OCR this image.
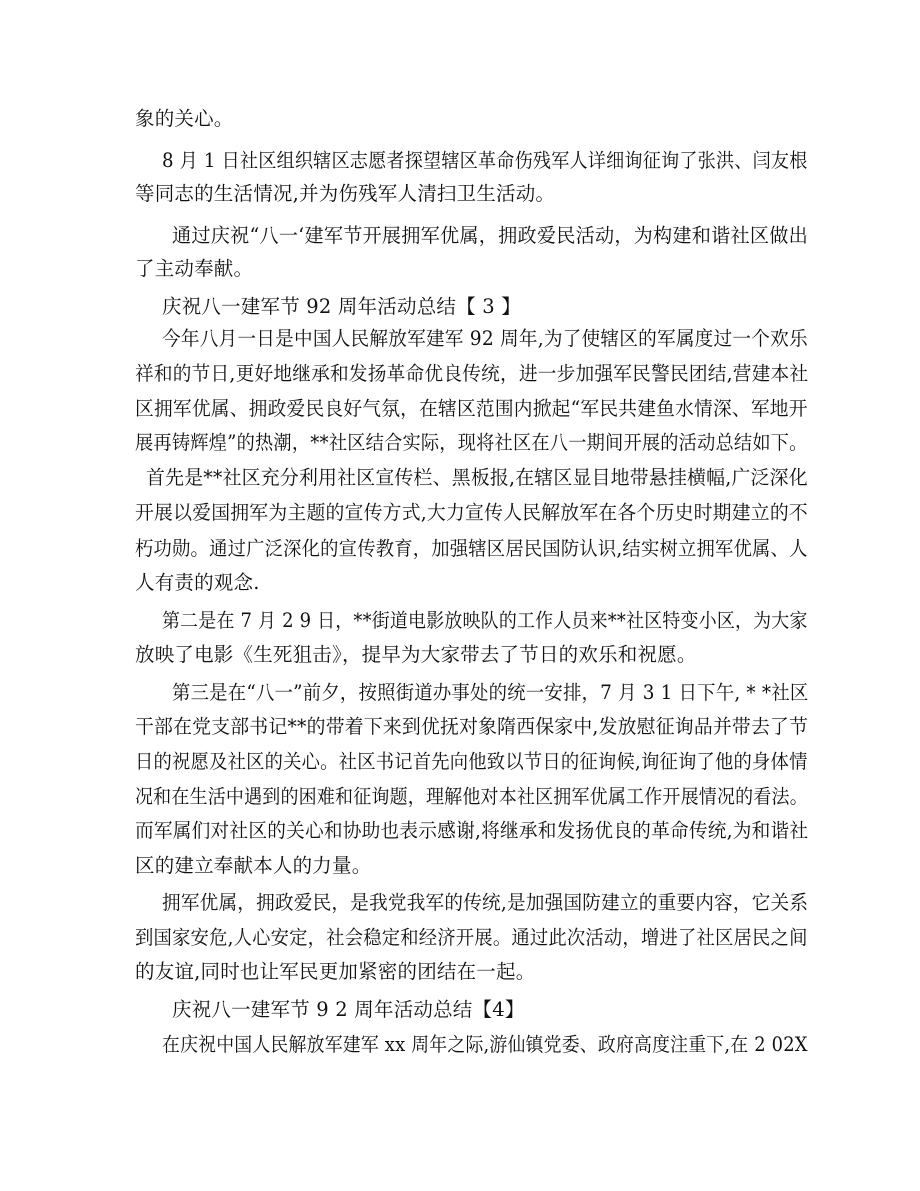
象的关心。
8 月 1 日社区组织辖区志愿者探望辖区革命伤残军人详细询征询了张洪、闫友根
等同志的生活情况,并为伤残军人清扫卫生活动。
通过庆祝“八一‘建军节开展拥军优属，拥政爱民活动，为构建和谐社区做出
了主动奉献。
庆祝八一建军节 92 周年活动总结【 3 】
今年八月一日是中国人民解放军建军 92 周年,为了使辖区的军属度过一个欢乐
祥和的节日,更好地继承和发扬革命优良传统，进一步加强军民警民团结,营建本社
区拥军优属、拥政爱民良好气氛，在辖区范围内掀起“军民共建鱼水情深、军地开
展再铸辉煌”的热潮，**社区结合实际，现将社区在八一期间开展的活动总结如下。
首先是**社区充分利用社区宣传栏、黑板报,在辖区显目地带悬挂横幅,广泛深化
开展以爱国拥军为主题的宣传方式,大力宣传人民解放军在各个历史时期建立的不
朽功勋。通过广泛深化的宣传教育，加强辖区居民国防认识,结实树立拥军优属、人
人有责的观念.
第二是在 7 月 2 9 日，**街道电影放映队的工作人员来**社区特变小区，为大家
放映了电影《生死狙击》，提早为大家带去了节日的欢乐和祝愿。
第三是在“八一”前夕，按照街道办事处的统一安排，7 月 3 1 日下午, * *社区
干部在党支部书记**的带着下来到优抚对象隋西保家中,发放慰征询品并带去了节
日的祝愿及社区的关心。社区书记首先向他致以节日的征询候,询征询了他的身体情
况和在生活中遇到的困难和征询题，理解他对本社区拥军优属工作开展情况的看法。
而军属们对社区的关心和协助也表示感谢,将继承和发扬优良的革命传统,为和谐社
区的建立奉献本人的力量。
拥军优属，拥政爱民，是我党我军的传统,是加强国防建立的重要内容，它关系
到国家安危,人心安定，社会稳定和经济开展。通过此次活动，增进了社区居民之间
的友谊,同时也让军民更加紧密的团结在一起。
庆祝八一建军节 9 2 周年活动总结【4】
在庆祝中国人民解放军建军 xx 周年之际,游仙镇党委、政府高度注重下,在 2 02X
